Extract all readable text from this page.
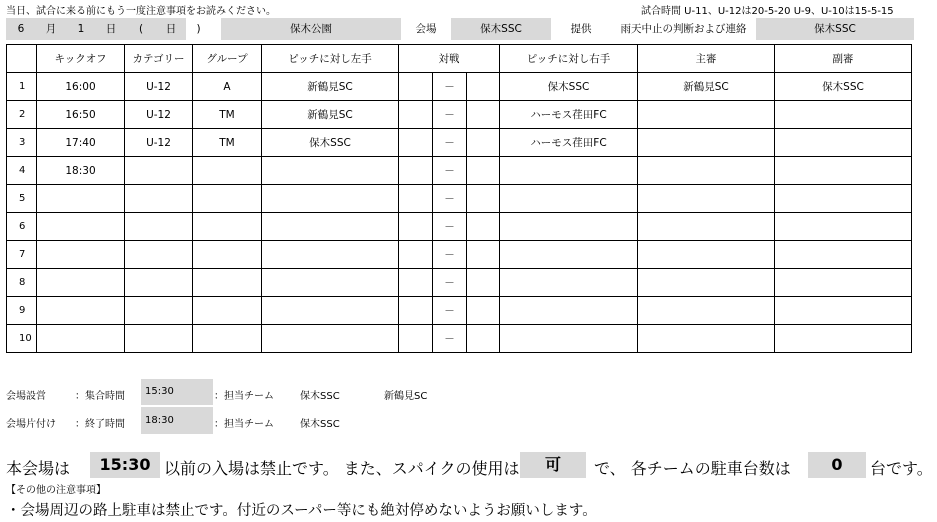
当日、試合に来る前にもう一度注意事項をお読みください。	試合時間 U-11、U-12は20-5-20 U-9、U-10は15-5-15
6	月	1	日	(	日	)	会場
保木公園	保木SSC	提供	雨天中止の判断および連絡	保木SSC
	キックオフ	カテゴリー	グループ	ピッチに対し左手	対戦			ピッチに対し右手	主審	副審
1	16:00	U-12	A	新鶴見SC		－		保木SSC	新鶴見SC	保木SSC
2	16:50	U-12	TM	新鶴見SC		－		ハーモス荏田FC		
3	17:40	U-12	TM	保木SSC		－		ハーモス荏田FC		
4	18:30					－				
5						－				
6						－				
7						－				
8						－				
9						－				
10						－				
会場設営	：集合時間	15:30	：担当チーム	保木SSC	新鶴見SC
会場片付け ：終了時間	18:30	：担当チーム	保木SSC
本会場は	15:30 以前の入場は禁止です。 また、スパイクの使用は	可	で、 各チームの駐車台数は	0	台です。
【その他の注意事項】
・会場周辺の路上駐車は禁止です。付近のスーパー等にも絶対停めないようお願いします。
